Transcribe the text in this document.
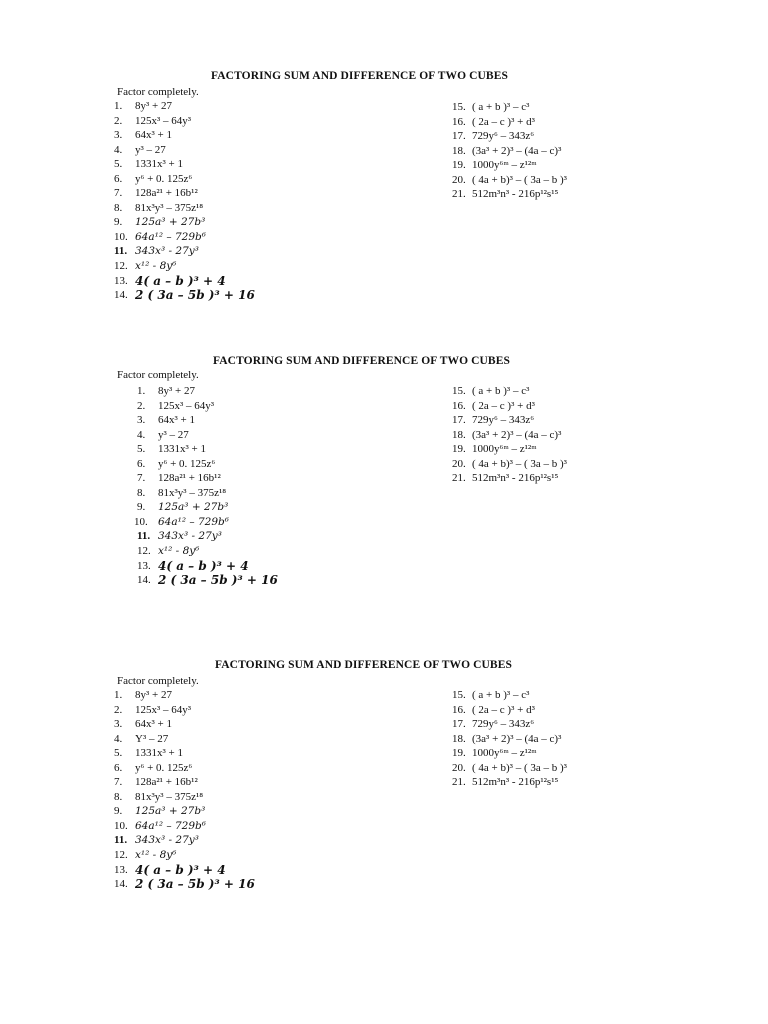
FACTORING SUM AND DIFFERENCE OF TWO CUBES
Factor completely.
1. 8y³ + 27
2. 125x³ – 64y³
3. 64x³ + 1
4. y³ – 27
5. 1331x³ + 1
6. y⁶ + 0. 125z⁶
7. 128a²¹ + 16b¹²
8. 81x³y³ – 375z¹⁸
9. 125a³ + 27b³
10. 64a¹² – 729b⁶
11. 343x³ - 27y³
12. x¹² - 8y⁶
13. 4( a – b )³ + 4
14. 2 ( 3a – 5b )³ + 16
15. ( a + b )³ – c³
16. ( 2a – c )³ + d³
17. 729y⁶ – 343z⁶
18. (3a³ + 2)³ – (4a – c)³
19. 1000y⁶ᵐ – z¹²ᵐ
20. ( 4a + b)³ – ( 3a – b )³
21. 512m³n³ - 216p¹²s¹⁵
FACTORING SUM AND DIFFERENCE OF TWO CUBES
Factor completely.
1. 8y³ + 27
2. 125x³ – 64y³
3. 64x³ + 1
4. y³ – 27
5. 1331x³ + 1
6. y⁶ + 0. 125z⁶
7. 128a²¹ + 16b¹²
8. 81x³y³ – 375z¹⁸
9. 125a³ + 27b³
10. 64a¹² – 729b⁶
11. 343x³ - 27y³
12. x¹² - 8y⁶
13. 4( a – b )³ + 4
14. 2 ( 3a – 5b )³ + 16
15. ( a + b )³ – c³
16. ( 2a – c )³ + d³
17. 729y⁶ – 343z⁶
18. (3a³ + 2)³ – (4a – c)³
19. 1000y⁶ᵐ – z¹²ᵐ
20. ( 4a + b)³ – ( 3a – b )³
21. 512m³n³ - 216p¹²s¹⁵
FACTORING SUM AND DIFFERENCE OF TWO CUBES
Factor completely.
1. 8y³ + 27
2. 125x³ – 64y³
3. 64x³ + 1
4. Y³ – 27
5. 1331x³ + 1
6. y⁶ + 0. 125z⁶
7. 128a²¹ + 16b¹²
8. 81x³y³ – 375z¹⁸
9. 125a³ + 27b³
10. 64a¹² – 729b⁶
11. 343x³ - 27y³
12. x¹² - 8y⁶
13. 4( a – b )³ + 4
14. 2 ( 3a – 5b )³ + 16
15. ( a + b )³ – c³
16. ( 2a – c )³ + d³
17. 729y⁶ – 343z⁶
18. (3a³ + 2)³ – (4a – c)³
19. 1000y⁶ᵐ – z¹²ᵐ
20. ( 4a + b)³ – ( 3a – b )³
21. 512m³n³ - 216p¹²s¹⁵
